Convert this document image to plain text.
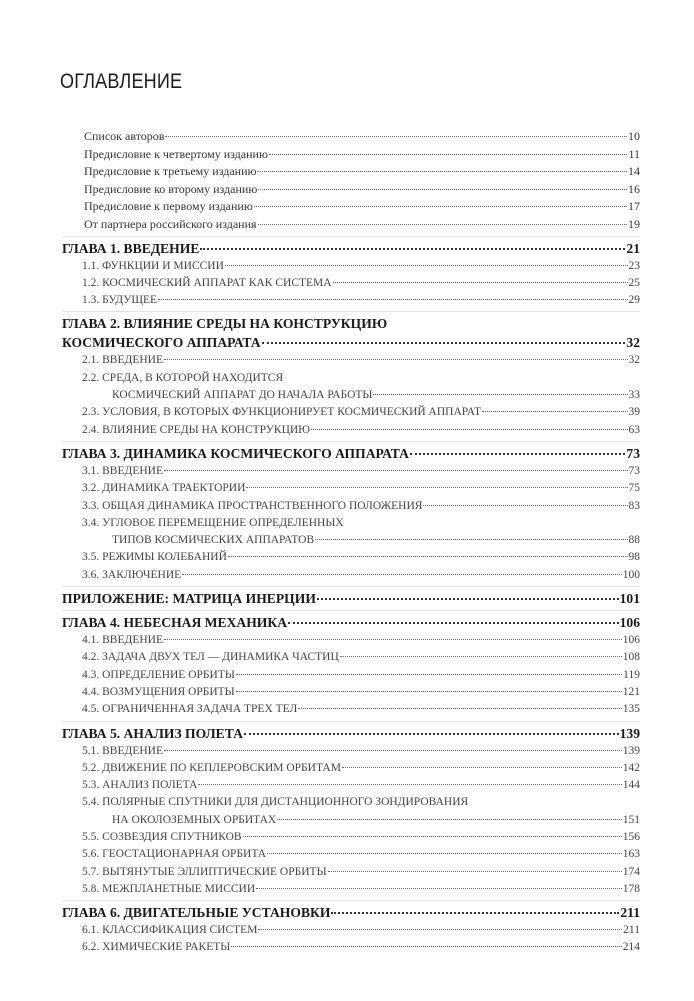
ОГЛАВЛЕНИЕ
Список авторов	10
Предисловие к четвертому изданию	11
Предисловие к третьему изданию	14
Предисловие ко второму изданию	16
Предисловие к первому изданию	17
От партнера российского издания	19
ГЛАВА 1. ВВЕДЕНИЕ	21
1.1. ФУНКЦИИ И МИССИИ	23
1.2. КОСМИЧЕСКИЙ АППАРАТ КАК СИСТЕМА	25
1.3. БУДУЩЕЕ	29
ГЛАВА 2. ВЛИЯНИЕ СРЕДЫ НА КОНСТРУКЦИЮ
КОСМИЧЕСКОГО АППАРАТА	32
2.1. ВВЕДЕНИЕ	32
2.2. СРЕДА, В КОТОРОЙ НАХОДИТСЯ
КОСМИЧЕСКИЙ АППАРАТ ДО НАЧАЛА РАБОТЫ	33
2.3. УСЛОВИЯ, В КОТОРЫХ ФУНКЦИОНИРУЕТ КОСМИЧЕСКИЙ АППАРАТ	39
2.4. ВЛИЯНИЕ СРЕДЫ НА КОНСТРУКЦИЮ	63
ГЛАВА 3. ДИНАМИКА КОСМИЧЕСКОГО АППАРАТА	73
3.1. ВВЕДЕНИЕ	73
3.2. ДИНАМИКА ТРАЕКТОРИИ	75
3.3. ОБЩАЯ ДИНАМИКА ПРОСТРАНСТВЕННОГО ПОЛОЖЕНИЯ	83
3.4. УГЛОВОЕ ПЕРЕМЕЩЕНИЕ ОПРЕДЕЛЕННЫХ
ТИПОВ КОСМИЧЕСКИХ АППАРАТОВ	88
3.5. РЕЖИМЫ КОЛЕБАНИЙ	98
3.6. ЗАКЛЮЧЕНИЕ	100
ПРИЛОЖЕНИЕ: МАТРИЦА ИНЕРЦИИ	101
ГЛАВА 4. НЕБЕСНАЯ МЕХАНИКА	106
4.1. ВВЕДЕНИЕ	106
4.2. ЗАДАЧА ДВУХ ТЕЛ — ДИНАМИКА ЧАСТИЦ	108
4.3. ОПРЕДЕЛЕНИЕ ОРБИТЫ	119
4.4. ВОЗМУЩЕНИЯ ОРБИТЫ	121
4.5. ОГРАНИЧЕННАЯ ЗАДАЧА ТРЕХ ТЕЛ	135
ГЛАВА 5. АНАЛИЗ ПОЛЕТА	139
5.1. ВВЕДЕНИЕ	139
5.2. ДВИЖЕНИЕ ПО КЕПЛЕРОВСКИМ ОРБИТАМ	142
5.3. АНАЛИЗ ПОЛЕТА	144
5.4. ПОЛЯРНЫЕ СПУТНИКИ ДЛЯ ДИСТАНЦИОННОГО ЗОНДИРОВАНИЯ
НА ОКОЛОЗЕМНЫХ ОРБИТАХ	151
5.5. СОЗВЕЗДИЯ СПУТНИКОВ	156
5.6. ГЕОСТАЦИОНАРНАЯ ОРБИТА	163
5.7. ВЫТЯНУТЫЕ ЭЛЛИПТИЧЕСКИЕ ОРБИТЫ	174
5.8. МЕЖПЛАНЕТНЫЕ МИССИИ	178
ГЛАВА 6. ДВИГАТЕЛЬНЫЕ УСТАНОВКИ	211
6.1. КЛАССИФИКАЦИЯ СИСТЕМ	211
6.2. ХИМИЧЕСКИЕ РАКЕТЫ	214
